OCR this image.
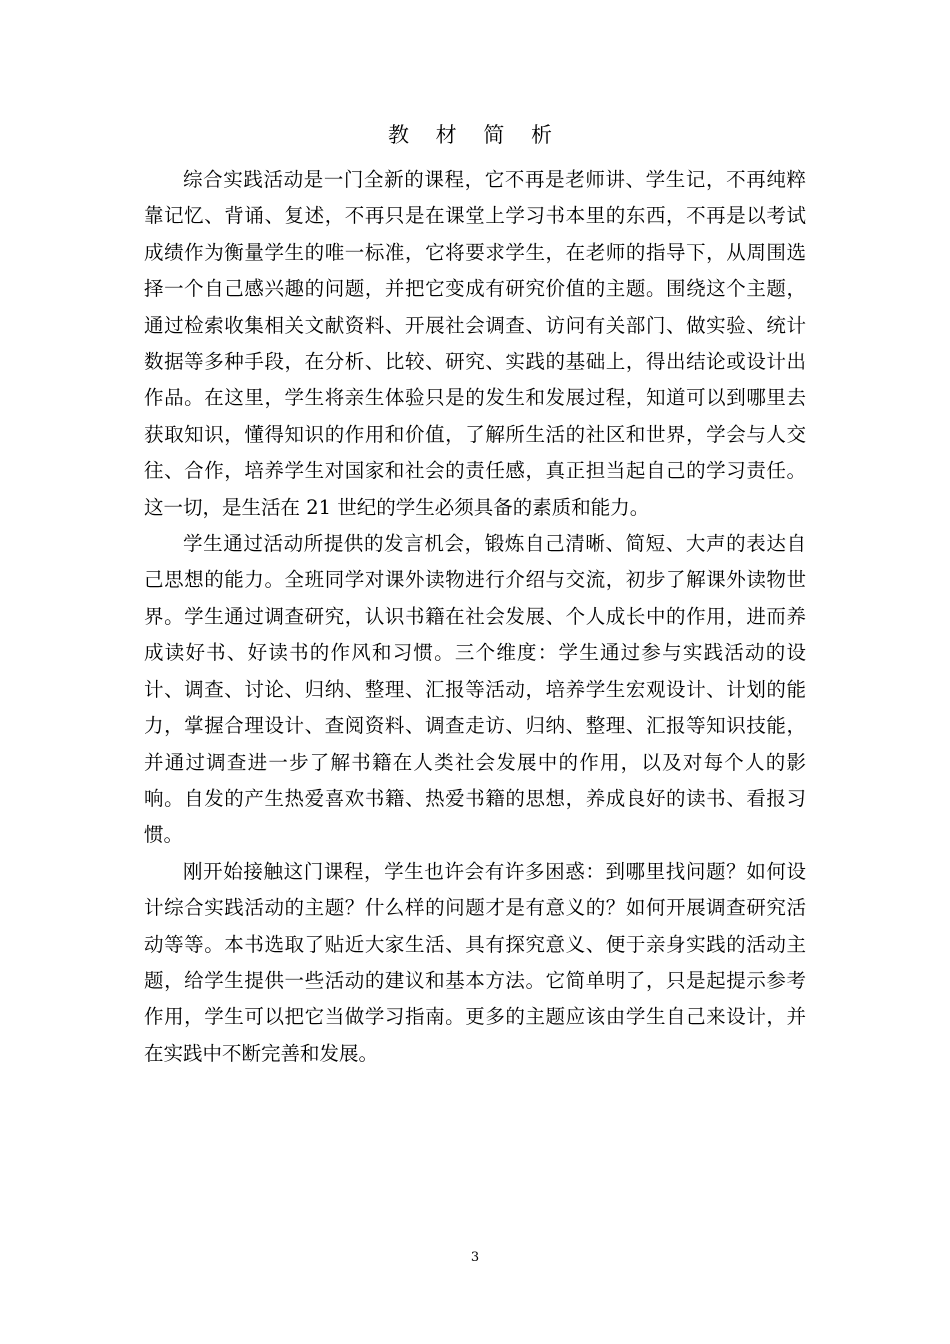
教 材 简 析

综合实践活动是一门全新的课程，它不再是老师讲、学生记，不再纯粹靠记忆、背诵、复述，不再只是在课堂上学习书本里的东西，不再是以考试成绩作为衡量学生的唯一标准，它将要求学生，在老师的指导下，从周围选择一个自己感兴趣的问题，并把它变成有研究价值的主题。围绕这个主题，通过检索收集相关文献资料、开展社会调查、访问有关部门、做实验、统计数据等多种手段，在分析、比较、研究、实践的基础上，得出结论或设计出作品。在这里，学生将亲生体验只是的发生和发展过程，知道可以到哪里去获取知识，懂得知识的作用和价值，了解所生活的社区和世界，学会与人交往、合作，培养学生对国家和社会的责任感，真正担当起自己的学习责任。这一切，是生活在 21 世纪的学生必须具备的素质和能力。

学生通过活动所提供的发言机会，锻炼自己清晰、简短、大声的表达自己思想的能力。全班同学对课外读物进行介绍与交流，初步了解课外读物世界。学生通过调查研究，认识书籍在社会发展、个人成长中的作用，进而养成读好书、好读书的作风和习惯。三个维度：学生通过参与实践活动的设计、调查、讨论、归纳、整理、汇报等活动，培养学生宏观设计、计划的能力，掌握合理设计、查阅资料、调查走访、归纳、整理、汇报等知识技能，并通过调查进一步了解书籍在人类社会发展中的作用，以及对每个人的影响。自发的产生热爱喜欢书籍、热爱书籍的思想，养成良好的读书、看报习惯。

刚开始接触这门课程，学生也许会有许多困惑：到哪里找问题？如何设计综合实践活动的主题？什么样的问题才是有意义的？如何开展调查研究活动等等。本书选取了贴近大家生活、具有探究意义、便于亲身实践的活动主题，给学生提供一些活动的建议和基本方法。它简单明了，只是起提示参考作用，学生可以把它当做学习指南。更多的主题应该由学生自己来设计，并在实践中不断完善和发展。

3
